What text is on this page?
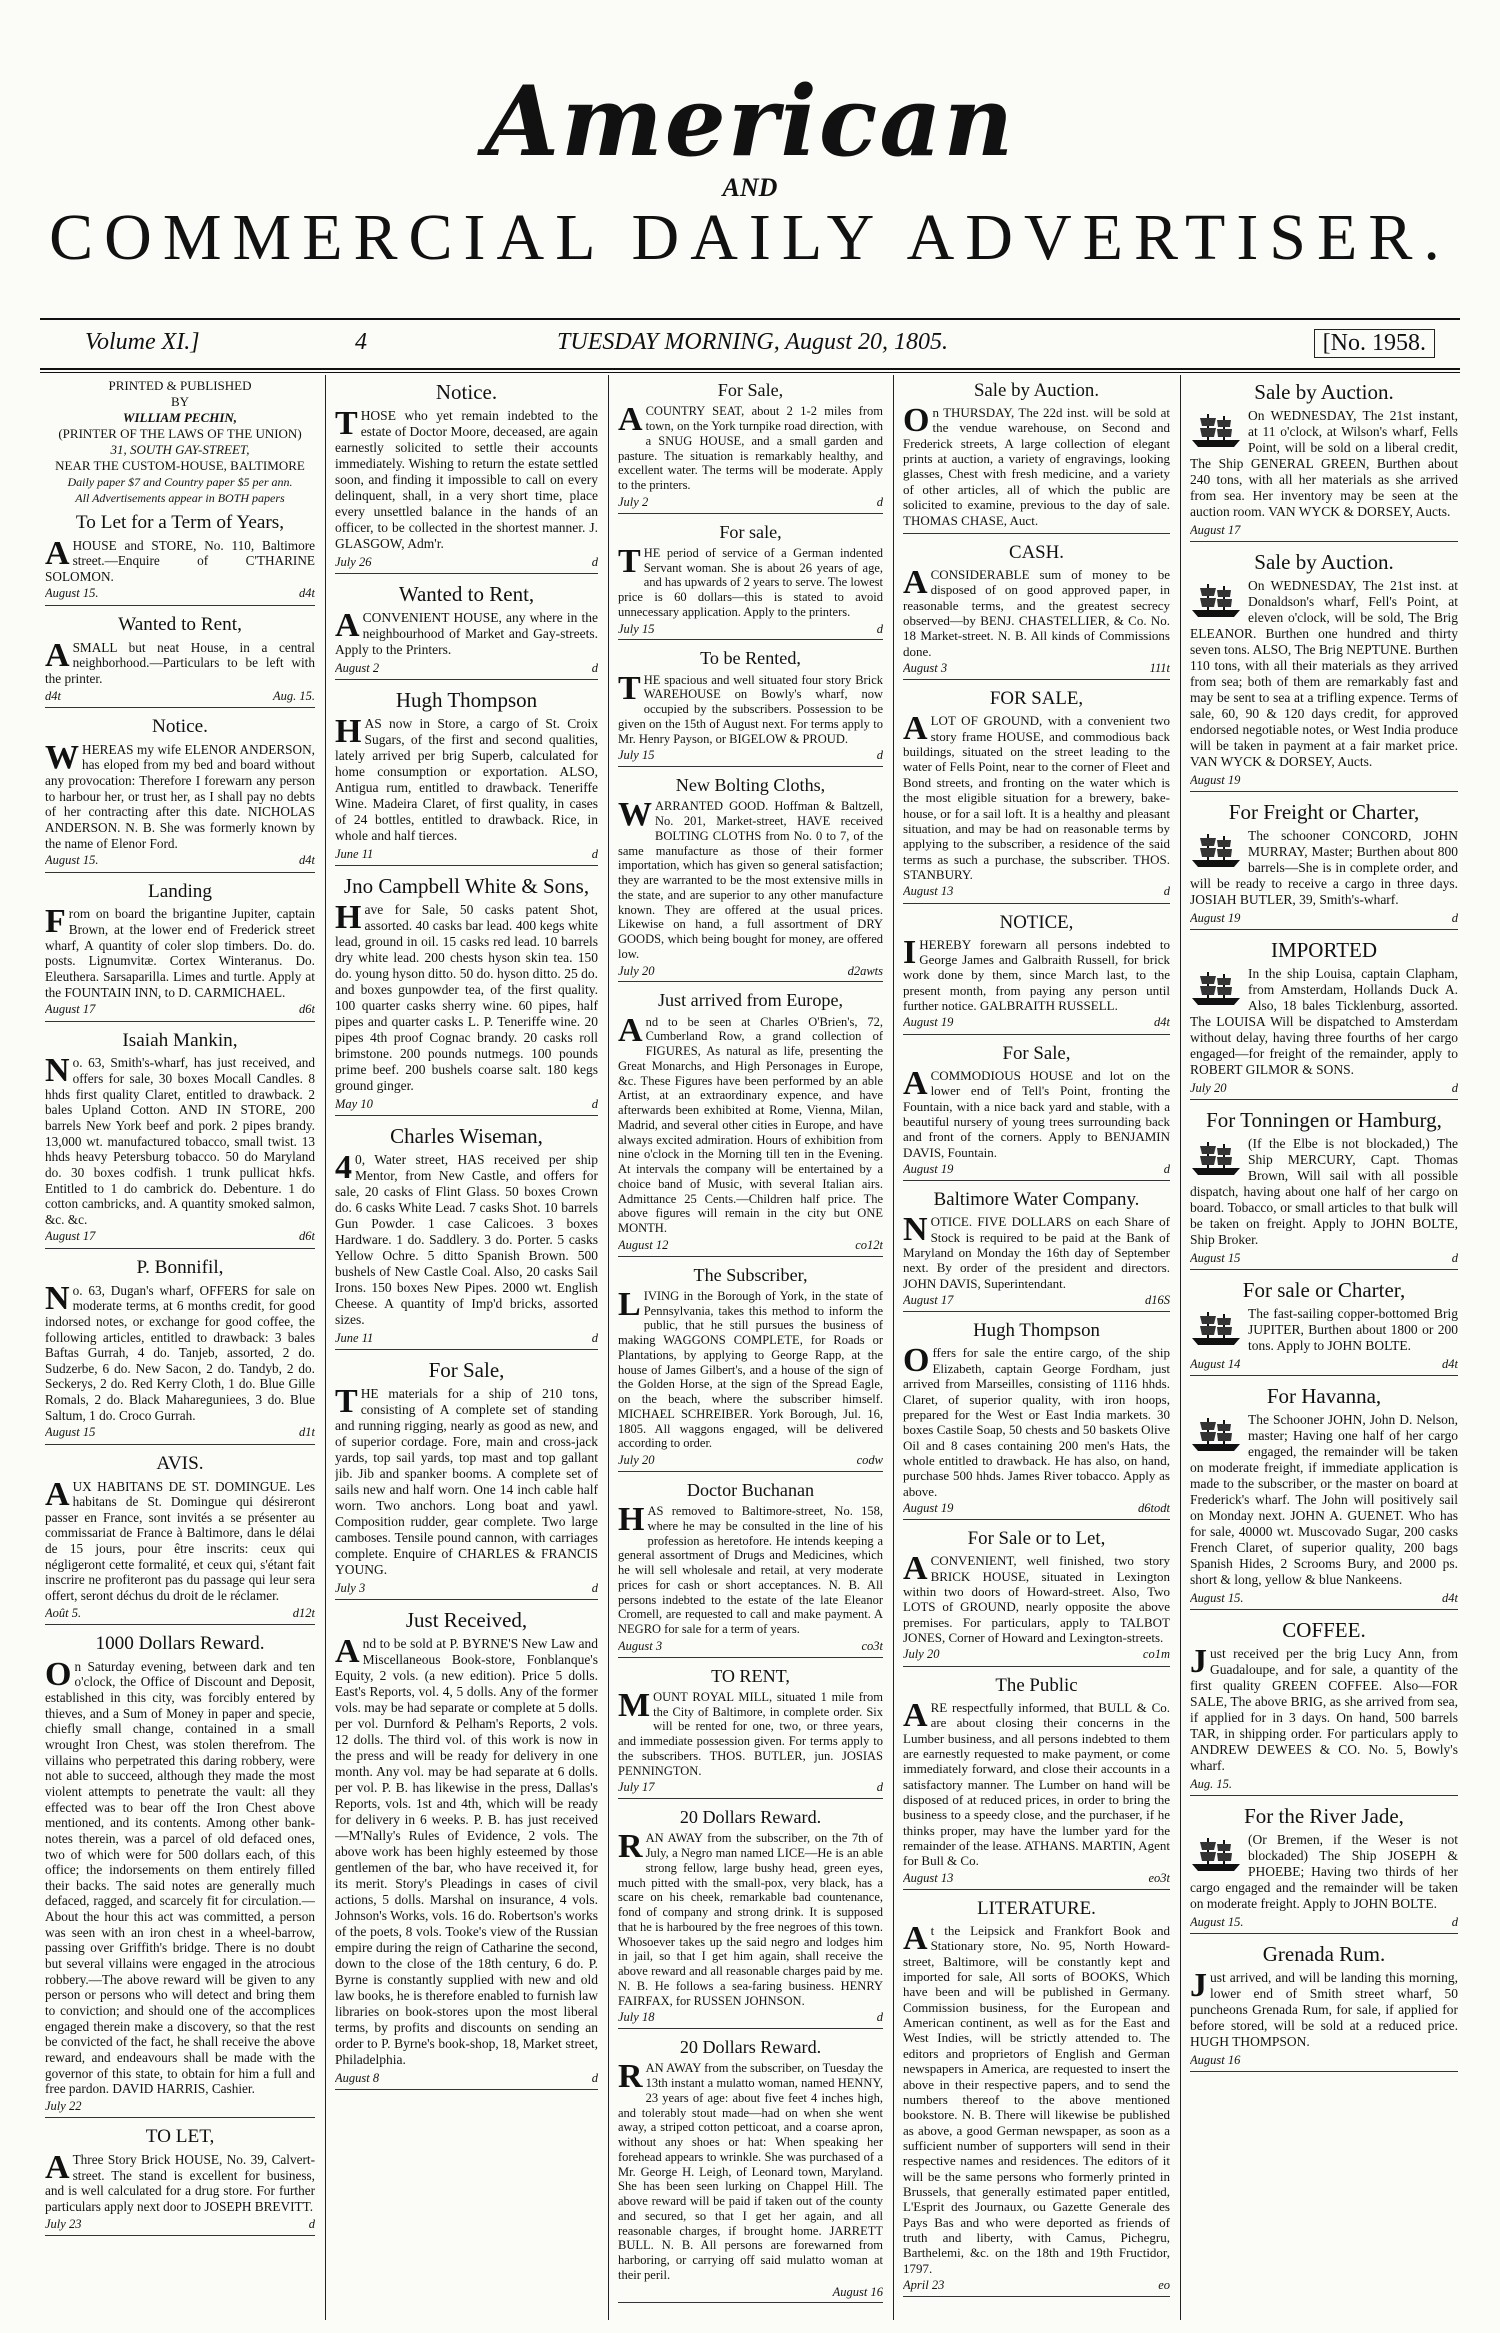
American
AND
COMMERCIAL DAILY ADVERTISER.
Volume XI.]	4	TUESDAY MORNING, August 20, 1805.	[No. 1958.
PRINTED & PUBLISHED
BY
WILLIAM PECHIN,
(PRINTER OF THE LAWS OF THE UNION)
31, SOUTH GAY-STREET,
NEAR THE CUSTOM-HOUSE, BALTIMORE
Daily paper $7 and Country paper $5 per ann.
All Advertisements appear in BOTH papers
To Let for a Term of Years,
AHOUSE and STORE, No. 110, Baltimore street.—Enquire of C'THARINE SOLOMON.
August 15.	d4t
Wanted to Rent,
ASMALL but neat House, in a central neighborhood.—Particulars to be left with the printer.
d4t	Aug. 15.
Notice.
WHEREAS my wife ELENOR ANDERSON, has eloped from my bed and board without any provocation: Therefore I forewarn any person to harbour her, or trust her, as I shall pay no debts of her contracting after this date. NICHOLAS ANDERSON. N. B. She was formerly known by the name of Elenor Ford.
August 15.	d4t
Landing
From on board the brigantine Jupiter, captain Brown, at the lower end of Frederick street wharf, A quantity of coler slop timbers. Do. do. posts. Lignumvitæ. Cortex Winteranus. Do. Eleuthera. Sarsaparilla. Limes and turtle. Apply at the FOUNTAIN INN, to D. CARMICHAEL.
August 17	d6t
Isaiah Mankin,
No. 63, Smith's-wharf, has just received, and offers for sale, 30 boxes Mocall Candles. 8 hhds first quality Claret, entitled to drawback. 2 bales Upland Cotton. AND IN STORE, 200 barrels New York beef and pork. 2 pipes brandy. 13,000 wt. manufactured tobacco, small twist. 13 hhds heavy Petersburg tobacco. 50 do Maryland do. 30 boxes codfish. 1 trunk pullicat hkfs. Entitled to 1 do cambrick do. Debenture. 1 do cotton cambricks, and. A quantity smoked salmon, &c. &c.
August 17	d6t
P. Bonnifil,
No. 63, Dugan's wharf, OFFERS for sale on moderate terms, at 6 months credit, for good indorsed notes, or exchange for good coffee, the following articles, entitled to drawback: 3 bales Baftas Gurrah, 4 do. Tanjeb, assorted, 2 do. Sudzerbe, 6 do. New Sacon, 2 do. Tandyb, 2 do. Seckerys, 2 do. Red Kerry Cloth, 1 do. Blue Gille Romals, 2 do. Black Mahareguniees, 3 do. Blue Saltum, 1 do. Croco Gurrah.
August 15	d1t
AVIS.
AUX HABITANS DE ST. DOMINGUE. Les habitans de St. Domingue qui désireront passer en France, sont invités a se présenter au commissariat de France à Baltimore, dans le délai de 15 jours, pour être inscrits: ceux qui négligeront cette formalité, et ceux qui, s'étant fait inscrire ne profiteront pas du passage qui leur sera offert, seront déchus du droit de le réclamer.
Août 5.	d12t
1000 Dollars Reward.
On Saturday evening, between dark and ten o'clock, the Office of Discount and Deposit, established in this city, was forcibly entered by thieves, and a Sum of Money in paper and specie, chiefly small change, contained in a small wrought Iron Chest, was stolen therefrom. The villains who perpetrated this daring robbery, were not able to succeed, although they made the most violent attempts to penetrate the vault: all they effected was to bear off the Iron Chest above mentioned, and its contents. Among other bank-notes therein, was a parcel of old defaced ones, two of which were for 500 dollars each, of this office; the indorsements on them entirely filled their backs. The said notes are generally much defaced, ragged, and scarcely fit for circulation.—About the hour this act was committed, a person was seen with an iron chest in a wheel-barrow, passing over Griffith's bridge. There is no doubt but several villains were engaged in the atrocious robbery.—The above reward will be given to any person or persons who will detect and bring them to conviction; and should one of the accomplices engaged therein make a discovery, so that the rest be convicted of the fact, he shall receive the above reward, and endeavours shall be made with the governor of this state, to obtain for him a full and free pardon. DAVID HARRIS, Cashier.
July 22
TO LET,
AThree Story Brick HOUSE, No. 39, Calvert-street. The stand is excellent for business, and is well calculated for a drug store. For further particulars apply next door to JOSEPH BREVITT.
July 23	d
Notice.
THOSE who yet remain indebted to the estate of Doctor Moore, deceased, are again earnestly solicited to settle their accounts immediately. Wishing to return the estate settled soon, and finding it impossible to call on every delinquent, shall, in a very short time, place every unsettled balance in the hands of an officer, to be collected in the shortest manner. J. GLASGOW, Adm'r.
July 26	d
Wanted to Rent,
ACONVENIENT HOUSE, any where in the neighbourhood of Market and Gay-streets. Apply to the Printers.
August 2	d
Hugh Thompson
HAS now in Store, a cargo of St. Croix Sugars, of the first and second qualities, lately arrived per brig Superb, calculated for home consumption or exportation. ALSO, Antigua rum, entitled to drawback. Teneriffe Wine. Madeira Claret, of first quality, in cases of 24 bottles, entitled to drawback. Rice, in whole and half tierces.
June 11	d
Jno Campbell White & Sons,
Have for Sale, 50 casks patent Shot, assorted. 40 casks bar lead. 400 kegs white lead, ground in oil. 15 casks red lead. 10 barrels dry white lead. 200 chests hyson skin tea. 150 do. young hyson ditto. 50 do. hyson ditto. 25 do. and boxes gunpowder tea, of the first quality. 100 quarter casks sherry wine. 60 pipes, half pipes and quarter casks L. P. Teneriffe wine. 20 pipes 4th proof Cognac brandy. 20 casks roll brimstone. 200 pounds nutmegs. 100 pounds prime beef. 200 bushels coarse salt. 180 kegs ground ginger.
May 10	d
Charles Wiseman,
40, Water street, HAS received per ship Mentor, from New Castle, and offers for sale, 20 casks of Flint Glass. 50 boxes Crown do. 6 casks White Lead. 7 casks Shot. 10 barrels Gun Powder. 1 case Calicoes. 3 boxes Hardware. 1 do. Saddlery. 3 do. Porter. 5 casks Yellow Ochre. 5 ditto Spanish Brown. 500 bushels of New Castle Coal. Also, 20 casks Sail Irons. 150 boxes New Pipes. 2000 wt. English Cheese. A quantity of Imp'd bricks, assorted sizes.
June 11	d
For Sale,
THE materials for a ship of 210 tons, consisting of A complete set of standing and running rigging, nearly as good as new, and of superior cordage. Fore, main and cross-jack yards, top sail yards, top mast and top gallant jib. Jib and spanker booms. A complete set of sails new and half worn. One 14 inch cable half worn. Two anchors. Long boat and yawl. Composition rudder, gear complete. Two large camboses. Tensile pound cannon, with carriages complete. Enquire of CHARLES & FRANCIS YOUNG.
July 3	d
Just Received,
And to be sold at P. BYRNE'S New Law and Miscellaneous Book-store, Fonblanque's Equity, 2 vols. (a new edition). Price 5 dolls. East's Reports, vol. 4, 5 dolls. Any of the former vols. may be had separate or complete at 5 dolls. per vol. Durnford & Pelham's Reports, 2 vols. 12 dolls. The third vol. of this work is now in the press and will be ready for delivery in one month. Any vol. may be had separate at 6 dolls. per vol. P. B. has likewise in the press, Dallas's Reports, vols. 1st and 4th, which will be ready for delivery in 6 weeks. P. B. has just received—M'Nally's Rules of Evidence, 2 vols. The above work has been highly esteemed by those gentlemen of the bar, who have received it, for its merit. Story's Pleadings in cases of civil actions, 5 dolls. Marshal on insurance, 4 vols. Johnson's Works, vols. 16 do. Robertson's works of the poets, 8 vols. Tooke's view of the Russian empire during the reign of Catharine the second, down to the close of the 18th century, 6 do. P. Byrne is constantly supplied with new and old law books, he is therefore enabled to furnish law libraries on book-stores upon the most liberal terms, by profits and discounts on sending an order to P. Byrne's book-shop, 18, Market street, Philadelphia.
August 8	d
For Sale,
ACOUNTRY SEAT, about 2 1-2 miles from town, on the York turnpike road direction, with a SNUG HOUSE, and a small garden and pasture. The situation is remarkably healthy, and excellent water. The terms will be moderate. Apply to the printers.
July 2	d
For sale,
THE period of service of a German indented Servant woman. She is about 26 years of age, and has upwards of 2 years to serve. The lowest price is 60 dollars—this is stated to avoid unnecessary application. Apply to the printers.
July 15	d
To be Rented,
THE spacious and well situated four story Brick WAREHOUSE on Bowly's wharf, now occupied by the subscribers. Possession to be given on the 15th of August next. For terms apply to Mr. Henry Payson, or BIGELOW & PROUD.
July 15	d
New Bolting Cloths,
WARRANTED GOOD. Hoffman & Baltzell, No. 201, Market-street, HAVE received BOLTING CLOTHS from No. 0 to 7, of the same manufacture as those of their former importation, which has given so general satisfaction; they are warranted to be the most extensive mills in the state, and are superior to any other manufacture known. They are offered at the usual prices. Likewise on hand, a full assortment of DRY GOODS, which being bought for money, are offered low.
July 20	d2awts
Just arrived from Europe,
And to be seen at Charles O'Brien's, 72, Cumberland Row, a grand collection of FIGURES, As natural as life, presenting the Great Monarchs, and High Personages in Europe, &c. These Figures have been performed by an able Artist, at an extraordinary expence, and have afterwards been exhibited at Rome, Vienna, Milan, Madrid, and several other cities in Europe, and have always excited admiration. Hours of exhibition from nine o'clock in the Morning till ten in the Evening. At intervals the company will be entertained by a choice band of Music, with several Italian airs. Admittance 25 Cents.—Children half price. The above figures will remain in the city but ONE MONTH.
August 12	co12t
The Subscriber,
LIVING in the Borough of York, in the state of Pennsylvania, takes this method to inform the public, that he still pursues the business of making WAGGONS COMPLETE, for Roads or Plantations, by applying to George Rapp, at the house of James Gilbert's, and a house of the sign of the Golden Horse, at the sign of the Spread Eagle, on the beach, where the subscriber himself. MICHAEL SCHREIBER. York Borough, Jul. 16, 1805. All waggons engaged, will be delivered according to order.
July 20	codw
Doctor Buchanan
HAS removed to Baltimore-street, No. 158, where he may be consulted in the line of his profession as heretofore. He intends keeping a general assortment of Drugs and Medicines, which he will sell wholesale and retail, at very moderate prices for cash or short acceptances. N. B. All persons indebted to the estate of the late Eleanor Cromell, are requested to call and make payment. A NEGRO for sale for a term of years.
August 3	co3t
TO RENT,
MOUNT ROYAL MILL, situated 1 mile from the City of Baltimore, in complete order. Six will be rented for one, two, or three years, and immediate possession given. For terms apply to the subscribers. THOS. BUTLER, jun. JOSIAS PENNINGTON.
July 17	d
20 Dollars Reward.
RAN AWAY from the subscriber, on the 7th of July, a Negro man named LICE—He is an able strong fellow, large bushy head, green eyes, much pitted with the small-pox, very black, has a scare on his cheek, remarkable bad countenance, fond of company and strong drink. It is supposed that he is harboured by the free negroes of this town. Whosoever takes up the said negro and lodges him in jail, so that I get him again, shall receive the above reward and all reasonable charges paid by me. N. B. He follows a sea-faring business. HENRY FAIRFAX, for RUSSEN JOHNSON.
July 18	d
20 Dollars Reward.
RAN AWAY from the subscriber, on Tuesday the 13th instant a mulatto woman, named HENNY, 23 years of age: about five feet 4 inches high, and tolerably stout made—had on when she went away, a striped cotton petticoat, and a coarse apron, without any shoes or hat: When speaking her forehead appears to wrinkle. She was purchased of a Mr. George H. Leigh, of Leonard town, Maryland. She has been seen lurking on Chappel Hill. The above reward will be paid if taken out of the county and secured, so that I get her again, and all reasonable charges, if brought home. JARRETT BULL. N. B. All persons are forewarned from harboring, or carrying off said mulatto woman at their peril.
August 16
Sale by Auction.
On THURSDAY, The 22d inst. will be sold at the vendue warehouse, on Second and Frederick streets, A large collection of elegant prints at auction, a variety of engravings, looking glasses, Chest with fresh medicine, and a variety of other articles, all of which the public are solicited to examine, previous to the day of sale. THOMAS CHASE, Auct.
CASH.
ACONSIDERABLE sum of money to be disposed of on good approved paper, in reasonable terms, and the greatest secrecy observed—by BENJ. CHASTELLIER, & Co. No. 18 Market-street. N. B. All kinds of Commissions done.
August 3	111t
FOR SALE,
ALOT OF GROUND, with a convenient two story frame HOUSE, and commodious back buildings, situated on the street leading to the water of Fells Point, near to the corner of Fleet and Bond streets, and fronting on the water which is the most eligible situation for a brewery, bake-house, or for a sail loft. It is a healthy and pleasant situation, and may be had on reasonable terms by applying to the subscriber, a residence of the said terms as such a purchase, the subscriber. THOS. STANBURY.
August 13	d
NOTICE,
IHEREBY forewarn all persons indebted to George James and Galbraith Russell, for brick work done by them, since March last, to the present month, from paying any person until further notice. GALBRAITH RUSSELL.
August 19	d4t
For Sale,
ACOMMODIOUS HOUSE and lot on the lower end of Tell's Point, fronting the Fountain, with a nice back yard and stable, with a beautiful nursery of young trees surrounding back and front of the corners. Apply to BENJAMIN DAVIS, Fountain.
August 19	d
Baltimore Water Company.
NOTICE. FIVE DOLLARS on each Share of Stock is required to be paid at the Bank of Maryland on Monday the 16th day of September next. By order of the president and directors. JOHN DAVIS, Superintendant.
August 17	d16S
Hugh Thompson
Offers for sale the entire cargo, of the ship Elizabeth, captain George Fordham, just arrived from Marseilles, consisting of 1116 hhds. Claret, of superior quality, with iron hoops, prepared for the West or East India markets. 30 boxes Castile Soap, 50 chests and 50 baskets Olive Oil and 8 cases containing 200 men's Hats, the whole entitled to drawback. He has also, on hand, purchase 500 hhds. James River tobacco. Apply as above.
August 19	d6todt
For Sale or to Let,
ACONVENIENT, well finished, two story BRICK HOUSE, situated in Lexington within two doors of Howard-street. Also, Two LOTS of GROUND, nearly opposite the above premises. For particulars, apply to TALBOT JONES, Corner of Howard and Lexington-streets.
July 20	co1m
The Public
ARE respectfully informed, that BULL & Co. are about closing their concerns in the Lumber business, and all persons indebted to them are earnestly requested to make payment, or come immediately forward, and close their accounts in a satisfactory manner. The Lumber on hand will be disposed of at reduced prices, in order to bring the business to a speedy close, and the purchaser, if he thinks proper, may have the lumber yard for the remainder of the lease. ATHANS. MARTIN, Agent for Bull & Co.
August 13	eo3t
LITERATURE.
At the Leipsick and Frankfort Book and Stationary store, No. 95, North Howard-street, Baltimore, will be constantly kept and imported for sale, All sorts of BOOKS, Which have been and will be published in Germany. Commission business, for the European and American continent, as well as for the East and West Indies, will be strictly attended to. The editors and proprietors of English and German newspapers in America, are requested to insert the above in their respective papers, and to send the numbers thereof to the above mentioned bookstore. N. B. There will likewise be published as above, a good German newspaper, as soon as a sufficient number of supporters will send in their respective names and residences. The editors of it will be the same persons who formerly printed in Brussels, that generally estimated paper entitled, L'Esprit des Journaux, ou Gazette Generale des Pays Bas and who were deported as friends of truth and liberty, with Camus, Pichegru, Barthelemi, &c. on the 18th and 19th Fructidor, 1797.
April 23	eo
Sale by Auction.
On WEDNESDAY, The 21st instant, at 11 o'clock, at Wilson's wharf, Fells Point, will be sold on a liberal credit, The Ship GENERAL GREEN, Burthen about 240 tons, with all her materials as she arrived from sea. Her inventory may be seen at the auction room. VAN WYCK & DORSEY, Aucts.
August 17
Sale by Auction.
On WEDNESDAY, The 21st inst. at Donaldson's wharf, Fell's Point, at eleven o'clock, will be sold, The Brig ELEANOR. Burthen one hundred and thirty seven tons. ALSO, The Brig NEPTUNE. Burthen 110 tons, with all their materials as they arrived from sea; both of them are remarkably fast and may be sent to sea at a trifling expence. Terms of sale, 60, 90 & 120 days credit, for approved endorsed negotiable notes, or West India produce will be taken in payment at a fair market price. VAN WYCK & DORSEY, Aucts.
August 19
For Freight or Charter,
The schooner CONCORD, JOHN MURRAY, Master; Burthen about 800 barrels—She is in complete order, and will be ready to receive a cargo in three days. JOSIAH BUTLER, 39, Smith's-wharf.
August 19	d
IMPORTED
In the ship Louisa, captain Clapham, from Amsterdam, Hollands Duck A. Also, 18 bales Ticklenburg, assorted. The LOUISA Will be dispatched to Amsterdam without delay, having three fourths of her cargo engaged—for freight of the remainder, apply to ROBERT GILMOR & SONS.
July 20	d
For Tonningen or Hamburg,
(If the Elbe is not blockaded,) The Ship MERCURY, Capt. Thomas Brown, Will sail with all possible dispatch, having about one half of her cargo on board. Tobacco, or small articles to that bulk will be taken on freight. Apply to JOHN BOLTE, Ship Broker.
August 15	d
For sale or Charter,
The fast-sailing copper-bottomed Brig JUPITER, Burthen about 1800 or 200 tons. Apply to JOHN BOLTE.
August 14	d4t
For Havanna,
The Schooner JOHN, John D. Nelson, master; Having one half of her cargo engaged, the remainder will be taken on moderate freight, if immediate application is made to the subscriber, or the master on board at Frederick's wharf. The John will positively sail on Monday next. JOHN A. GUENET. Who has for sale, 40000 wt. Muscovado Sugar, 200 casks French Claret, of superior quality, 200 bags Spanish Hides, 2 Scrooms Bury, and 2000 ps. short & long, yellow & blue Nankeens.
August 15.	d4t
COFFEE.
Just received per the brig Lucy Ann, from Guadaloupe, and for sale, a quantity of the first quality GREEN COFFEE. Also—FOR SALE, The above BRIG, as she arrived from sea, if applied for in 3 days. On hand, 500 barrels TAR, in shipping order. For particulars apply to ANDREW DEWEES & CO. No. 5, Bowly's wharf.
Aug. 15.
For the River Jade,
(Or Bremen, if the Weser is not blockaded) The Ship JOSEPH & PHOEBE; Having two thirds of her cargo engaged and the remainder will be taken on moderate freight. Apply to JOHN BOLTE.
August 15.	d
Grenada Rum.
Just arrived, and will be landing this morning, lower end of Smith street wharf, 50 puncheons Grenada Rum, for sale, if applied for before stored, will be sold at a reduced price. HUGH THOMPSON.
August 16
